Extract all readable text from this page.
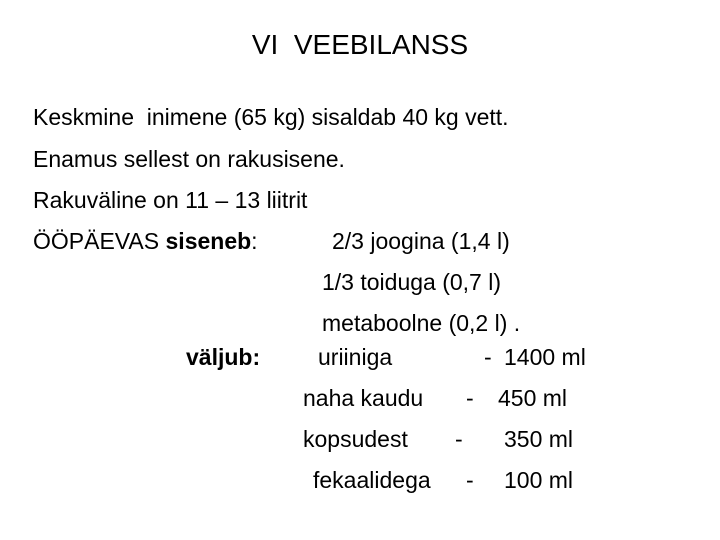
VI  VEEBILANSS
Keskmine  inimene (65 kg) sisaldab 40 kg vett.
Enamus sellest on rakusisene.
Rakuväline on 11 – 13 liitrit
ÖÖPÄEVAS siseneb:	2/3 joogina (1,4 l)
1/3 toiduga (0,7 l)
metaboolne (0,2 l) .
väljub:	uriiniga	- 1400 ml
naha kaudu - 450 ml
kopsudest - 350 ml
fekaalidega - 100 ml
